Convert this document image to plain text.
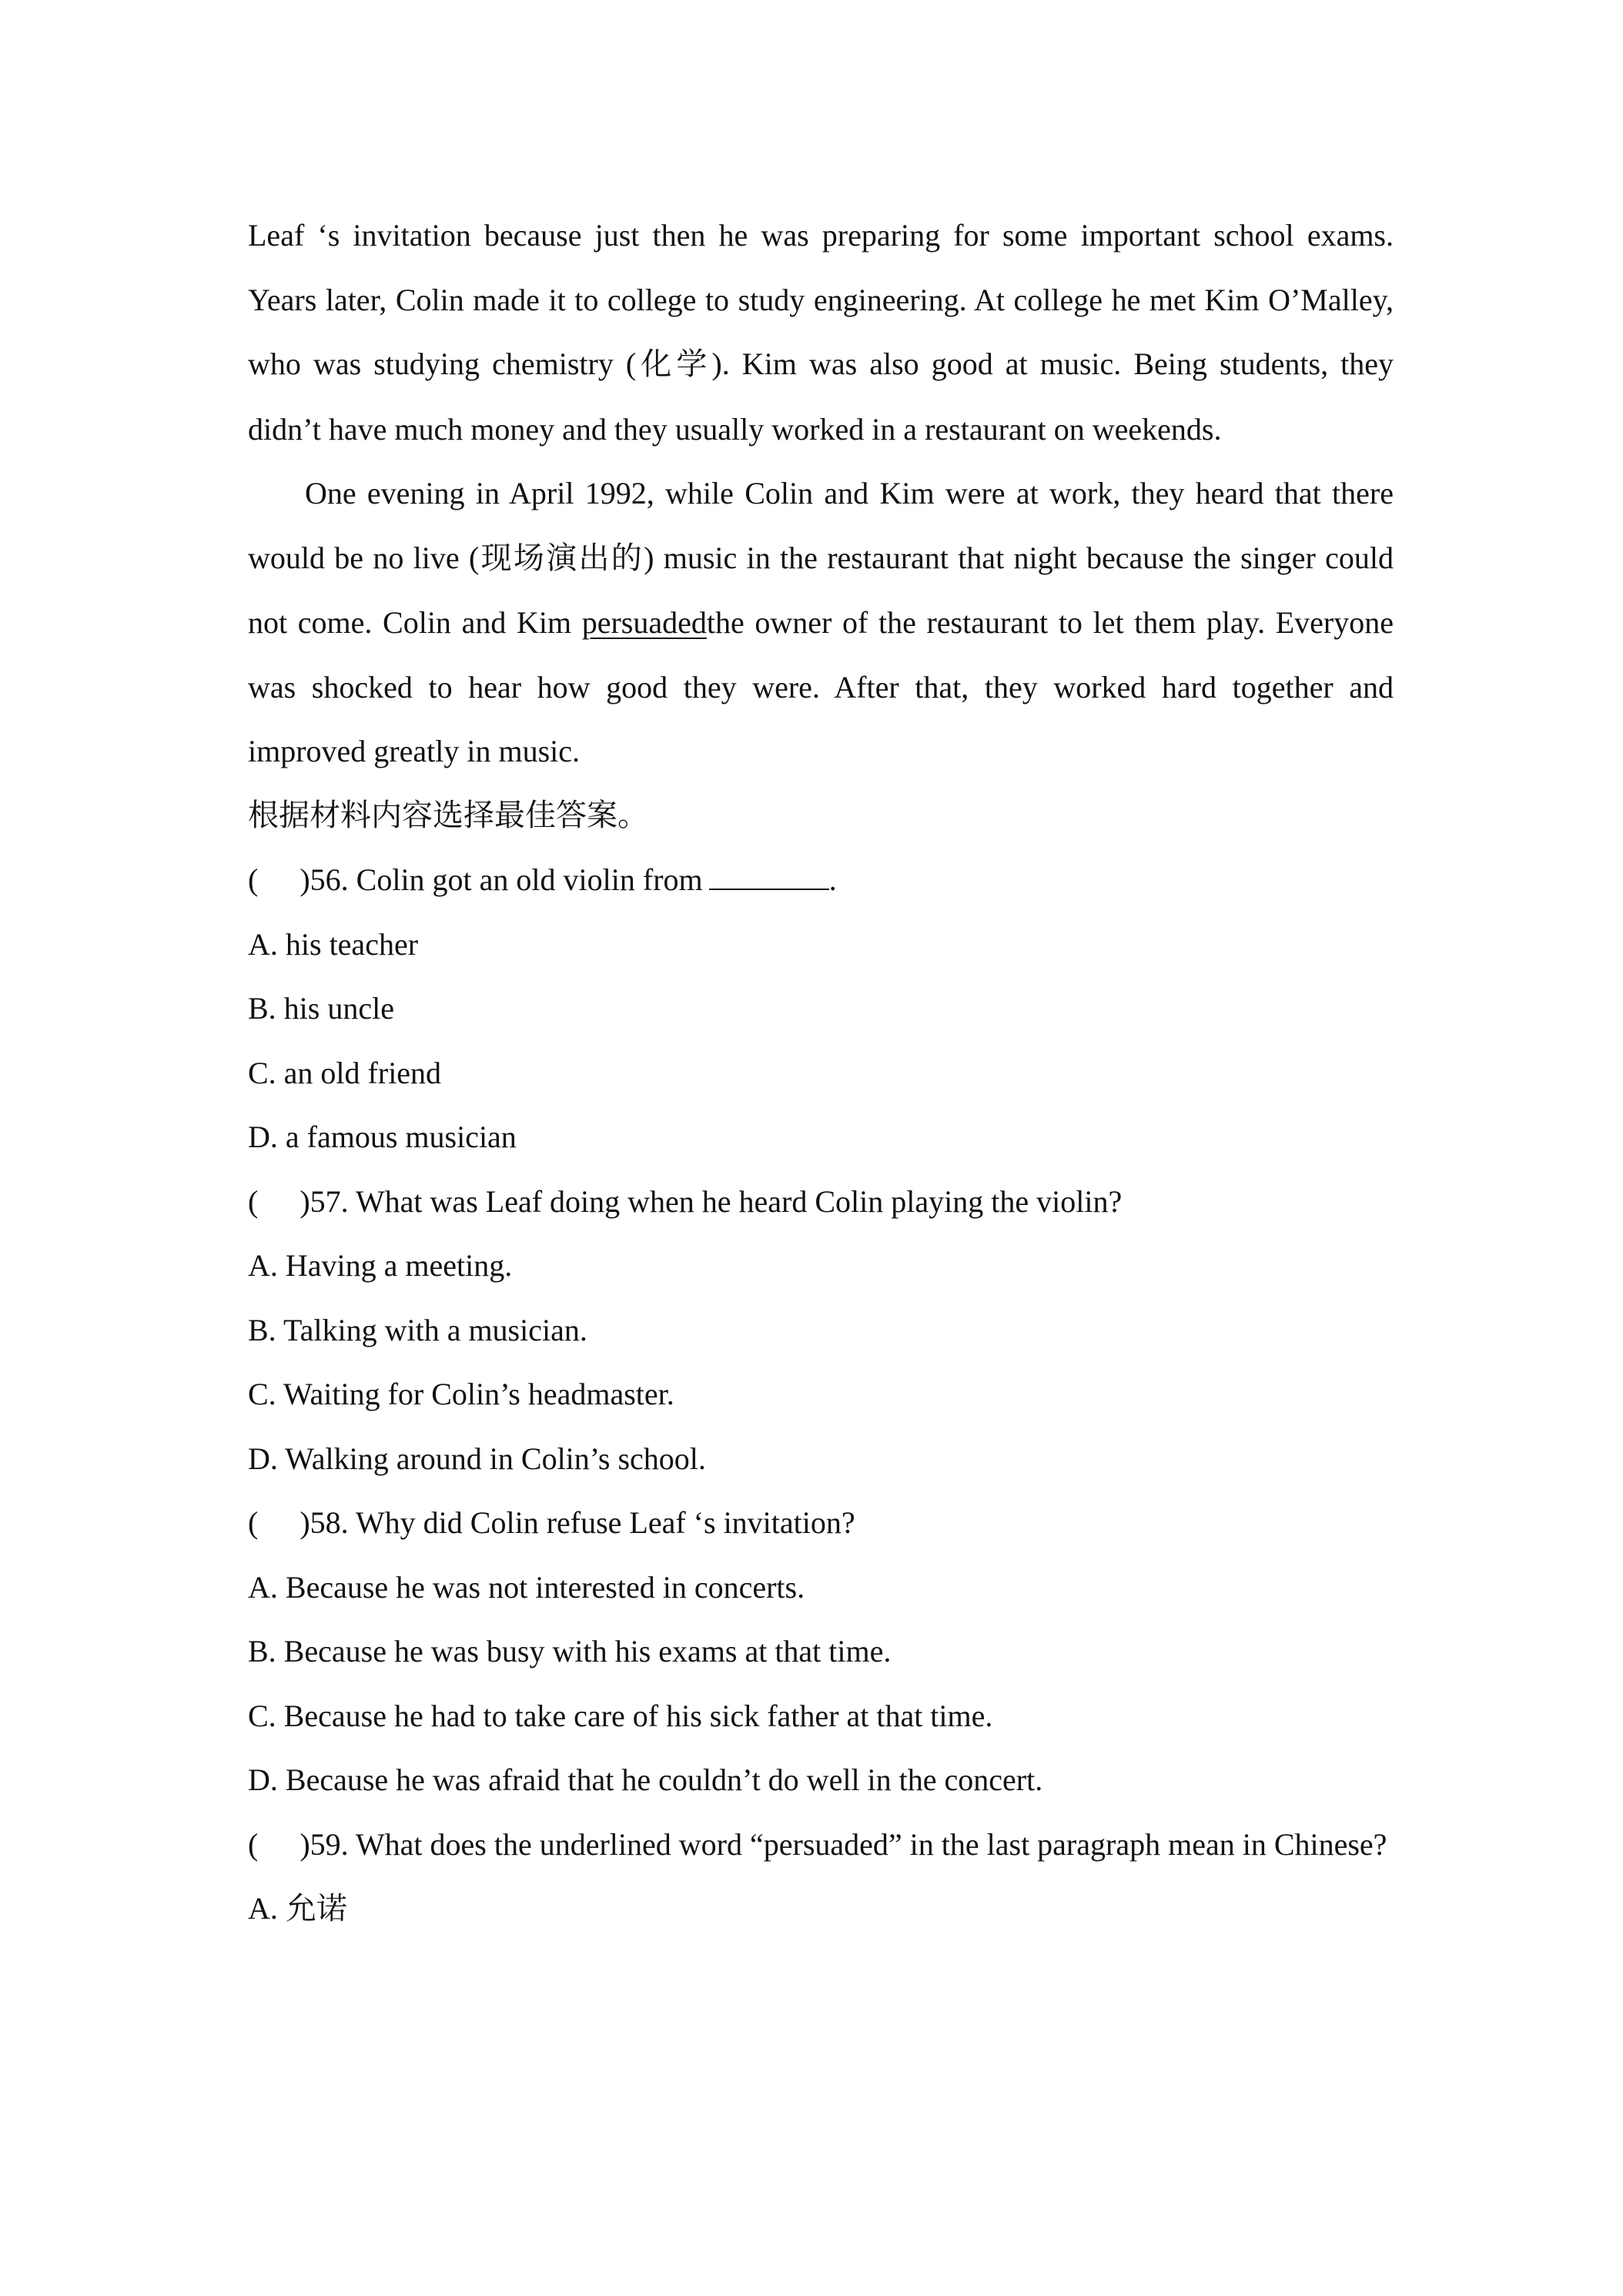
Leaf ‘s invitation because just then he was preparing for some important school exams. Years later, Colin made it to college to study engineering. At college he met Kim O’Malley, who was studying chemistry (化学). Kim was also good at music. Being students, they didn’t have much money and they usually worked in a restaurant on weekends.

One evening in April 1992, while Colin and Kim were at work, they heard that there would be no live (现场演出的) music in the restaurant that night because the singer could not come. Colin and Kim persuadedthe owner of the restaurant to let them play. Everyone was shocked to hear how good they were. After that, they worked hard together and improved greatly in music.

根据材料内容选择最佳答案。

( )56. Colin got an old violin from	.

A. his teacher

B. his uncle

C. an old friend

D. a famous musician

( )57. What was Leaf doing when he heard Colin playing the violin?

A. Having a meeting.

B. Talking with a musician.

C. Waiting for Colin’s headmaster.

D. Walking around in Colin’s school.

( )58. Why did Colin refuse Leaf ‘s invitation?

A. Because he was not interested in concerts.

B. Because he was busy with his exams at that time.

C. Because he had to take care of his sick father at that time.

D. Because he was afraid that he couldn’t do well in the concert.

( )59. What does the underlined word “persuaded” in the last paragraph mean in Chinese?

A. 允诺
